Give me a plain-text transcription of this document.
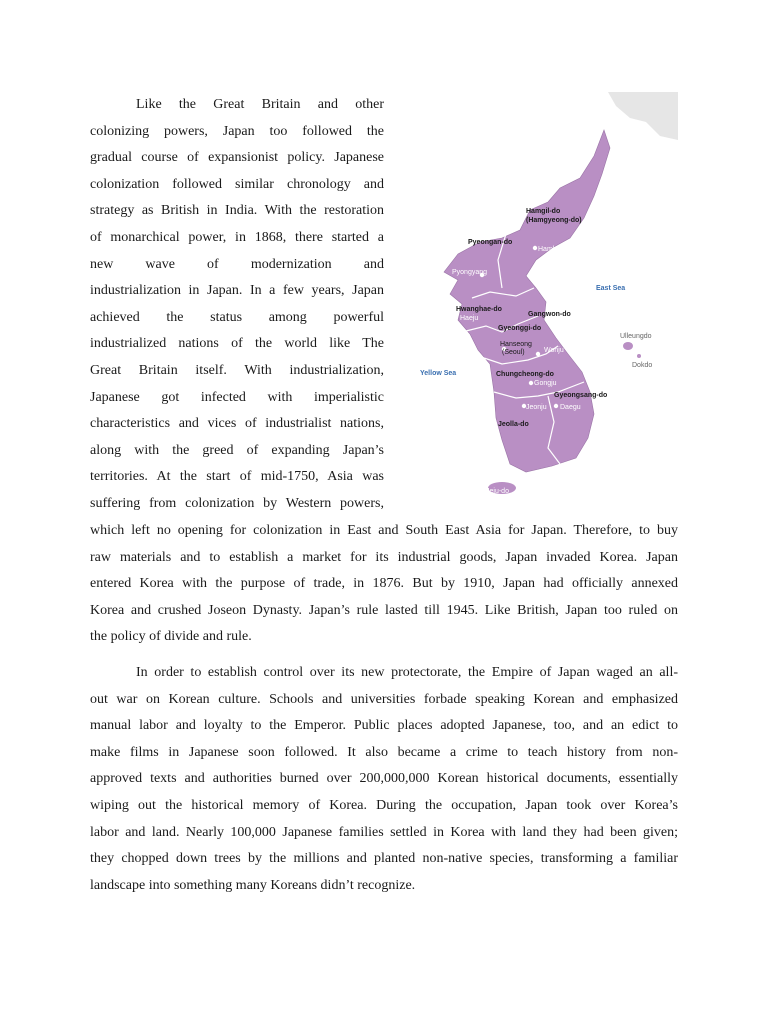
Like the Great Britain and other
colonizing powers, Japan too followed the
gradual course of expansionist policy. Japanese
colonization followed similar chronology and
strategy as British in India. With the restoration
of monarchical power, in 1868, there started a
new wave of modernization and
industrialization in Japan. In a few years, Japan
achieved the status among powerful
industrialized nations of the world like The
Great Britain itself. With industrialization,
Japanese got infected with imperialistic
characteristics and vices of industrialist nations,
along with the greed of expanding Japan’s
territories. At the start of mid-1750, Asia was
suffering from colonization by Western powers,
Hamgil-do
(Hamgyeong-do)
Pyeongan-do
Hamheung
Pyongyang
Hwanghae-do
Haeju
Gangwon-do
Gyeonggi-do
Hanseong
(Seoul)	Wonju
Chungcheong-do
Gongju
Gyeongsang-do
Jeonju Daegu
Jeolla-do
Jeju-do
Ulleungdo
Dokdo
East Sea
Yellow Sea
which left no opening for colonization in East and South East Asia for Japan. Therefore, to buy
raw materials and to establish a market for its industrial goods, Japan invaded Korea. Japan
entered Korea with the purpose of trade, in 1876. But by 1910, Japan had officially annexed
Korea and crushed Joseon Dynasty. Japan’s rule lasted till 1945. Like British, Japan too ruled on
the policy of divide and rule.
In order to establish control over its new protectorate, the Empire of Japan waged an all-
out war on Korean culture. Schools and universities forbade speaking Korean and emphasized
manual labor and loyalty to the Emperor. Public places adopted Japanese, too, and an edict to
make films in Japanese soon followed. It also became a crime to teach history from non-
approved texts and authorities burned over 200,000,000 Korean historical documents, essentially
wiping out the historical memory of Korea. During the occupation, Japan took over Korea’s
labor and land. Nearly 100,000 Japanese families settled in Korea with land they had been given;
they chopped down trees by the millions and planted non-native species, transforming a familiar
landscape into something many Koreans didn’t recognize.
